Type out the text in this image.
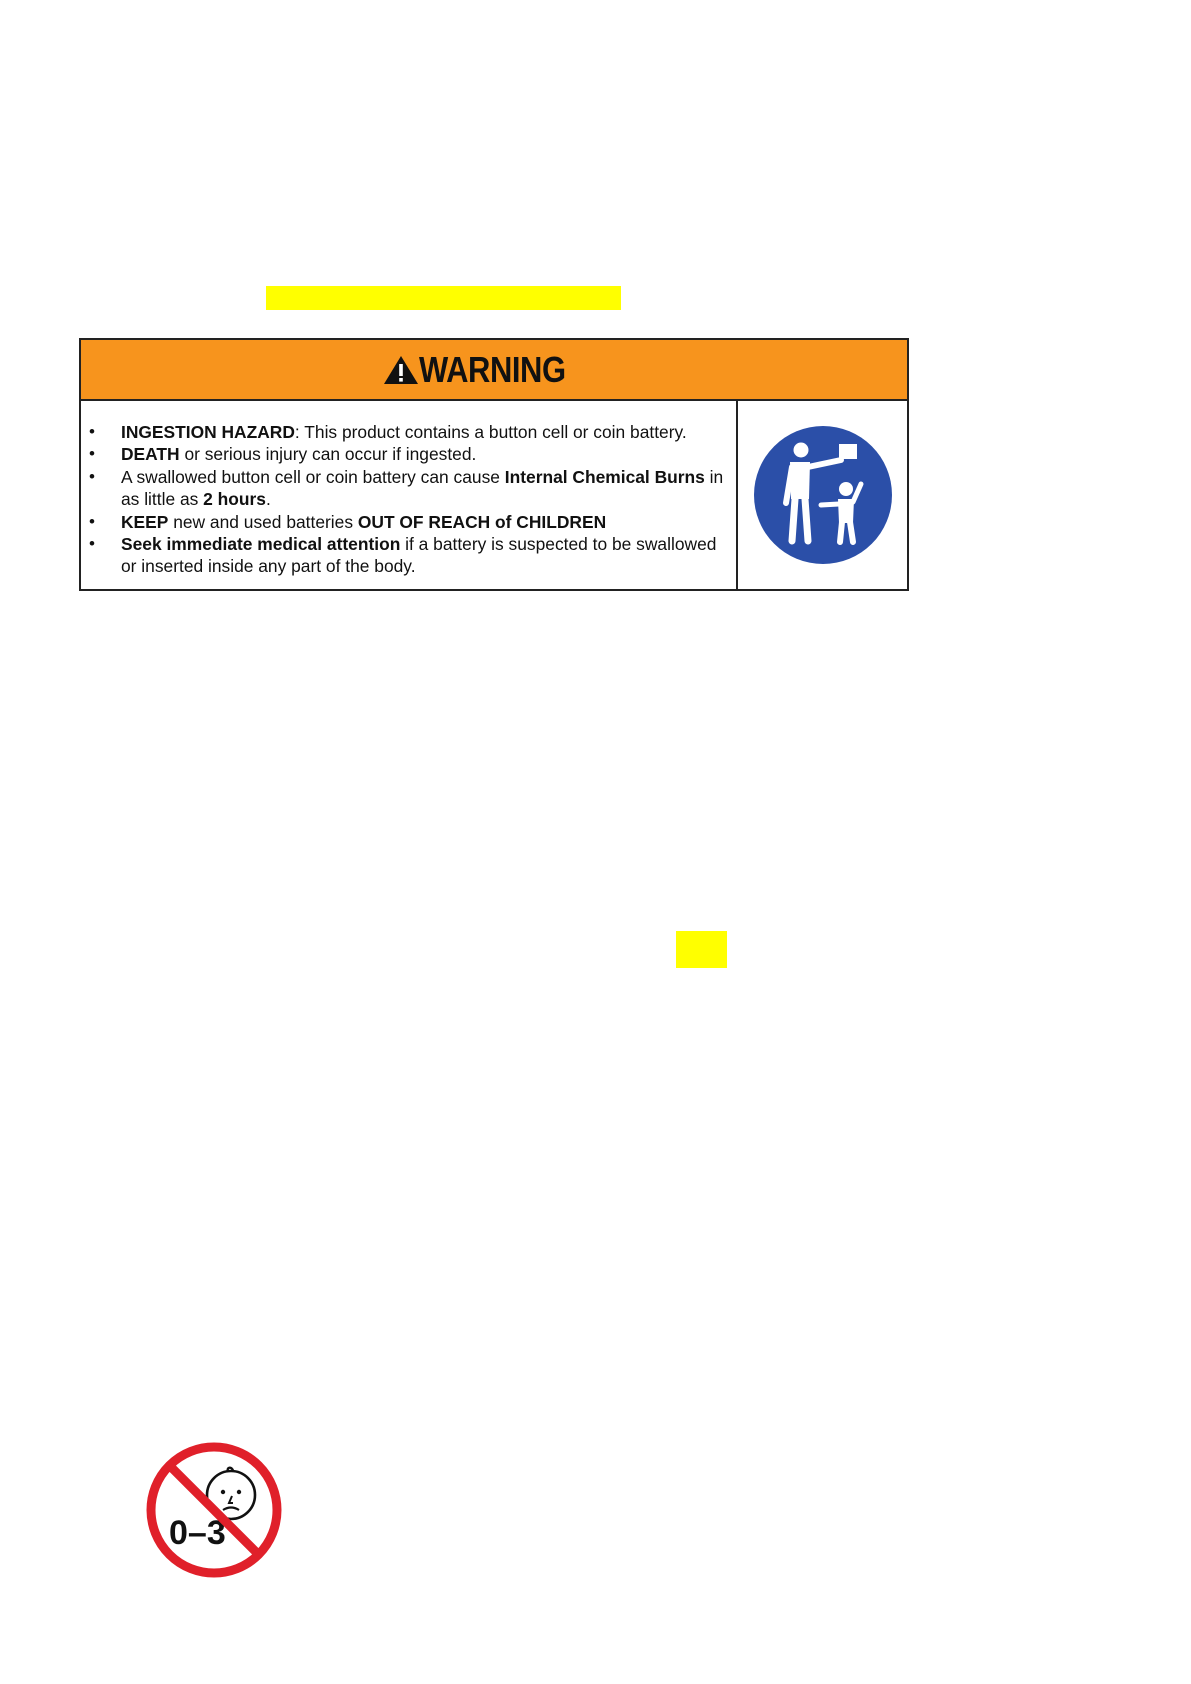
WARNING
• INGESTION HAZARD: This product contains a button cell or coin battery.
• DEATH or serious injury can occur if ingested.
• A swallowed button cell or coin battery can cause Internal Chemical Burns in as little as 2 hours.
• KEEP new and used batteries OUT OF REACH of CHILDREN
• Seek immediate medical attention if a battery is suspected to be swallowed or inserted inside any part of the body.
0–3
